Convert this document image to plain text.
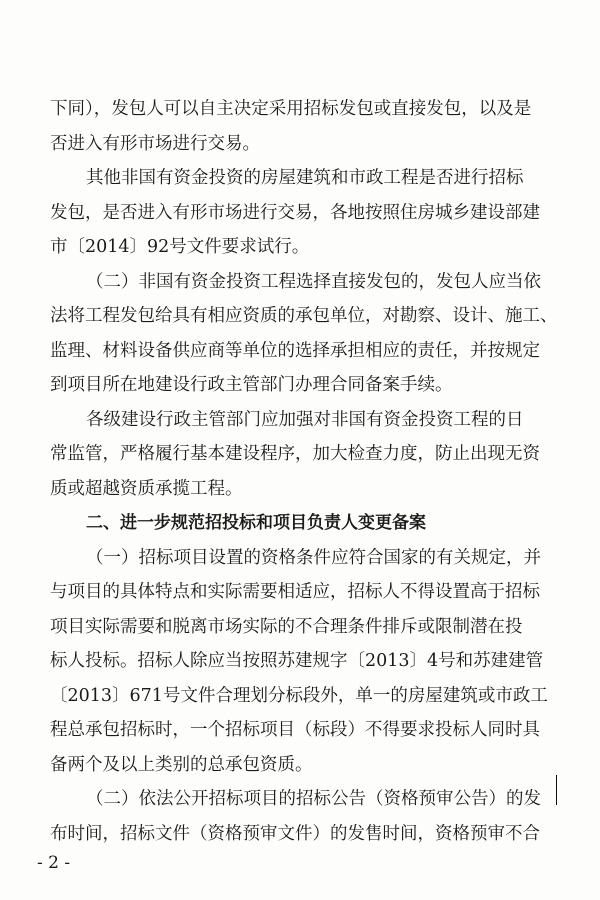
下同），发包人可以自主决定采用招标发包或直接发包，以及是
否进入有形市场进行交易。
其他非国有资金投资的房屋建筑和市政工程是否进行招标
发包，是否进入有形市场进行交易，各地按照住房城乡建设部建
市〔2014〕92号文件要求试行。
（二）非国有资金投资工程选择直接发包的，发包人应当依
法将工程发包给具有相应资质的承包单位，对勘察、设计、施工、
监理、材料设备供应商等单位的选择承担相应的责任，并按规定
到项目所在地建设行政主管部门办理合同备案手续。
各级建设行政主管部门应加强对非国有资金投资工程的日
常监管，严格履行基本建设程序，加大检查力度，防止出现无资
质或超越资质承揽工程。
二、进一步规范招投标和项目负责人变更备案
（一）招标项目设置的资格条件应符合国家的有关规定，并
与项目的具体特点和实际需要相适应，招标人不得设置高于招标
项目实际需要和脱离市场实际的不合理条件排斥或限制潜在投
标人投标。招标人除应当按照苏建规字〔2013〕4号和苏建建管
〔2013〕671号文件合理划分标段外，单一的房屋建筑或市政工
程总承包招标时，一个招标项目（标段）不得要求投标人同时具
备两个及以上类别的总承包资质。
（二）依法公开招标项目的招标公告（资格预审公告）的发
布时间，招标文件（资格预审文件）的发售时间，资格预审不合
- 2 -
